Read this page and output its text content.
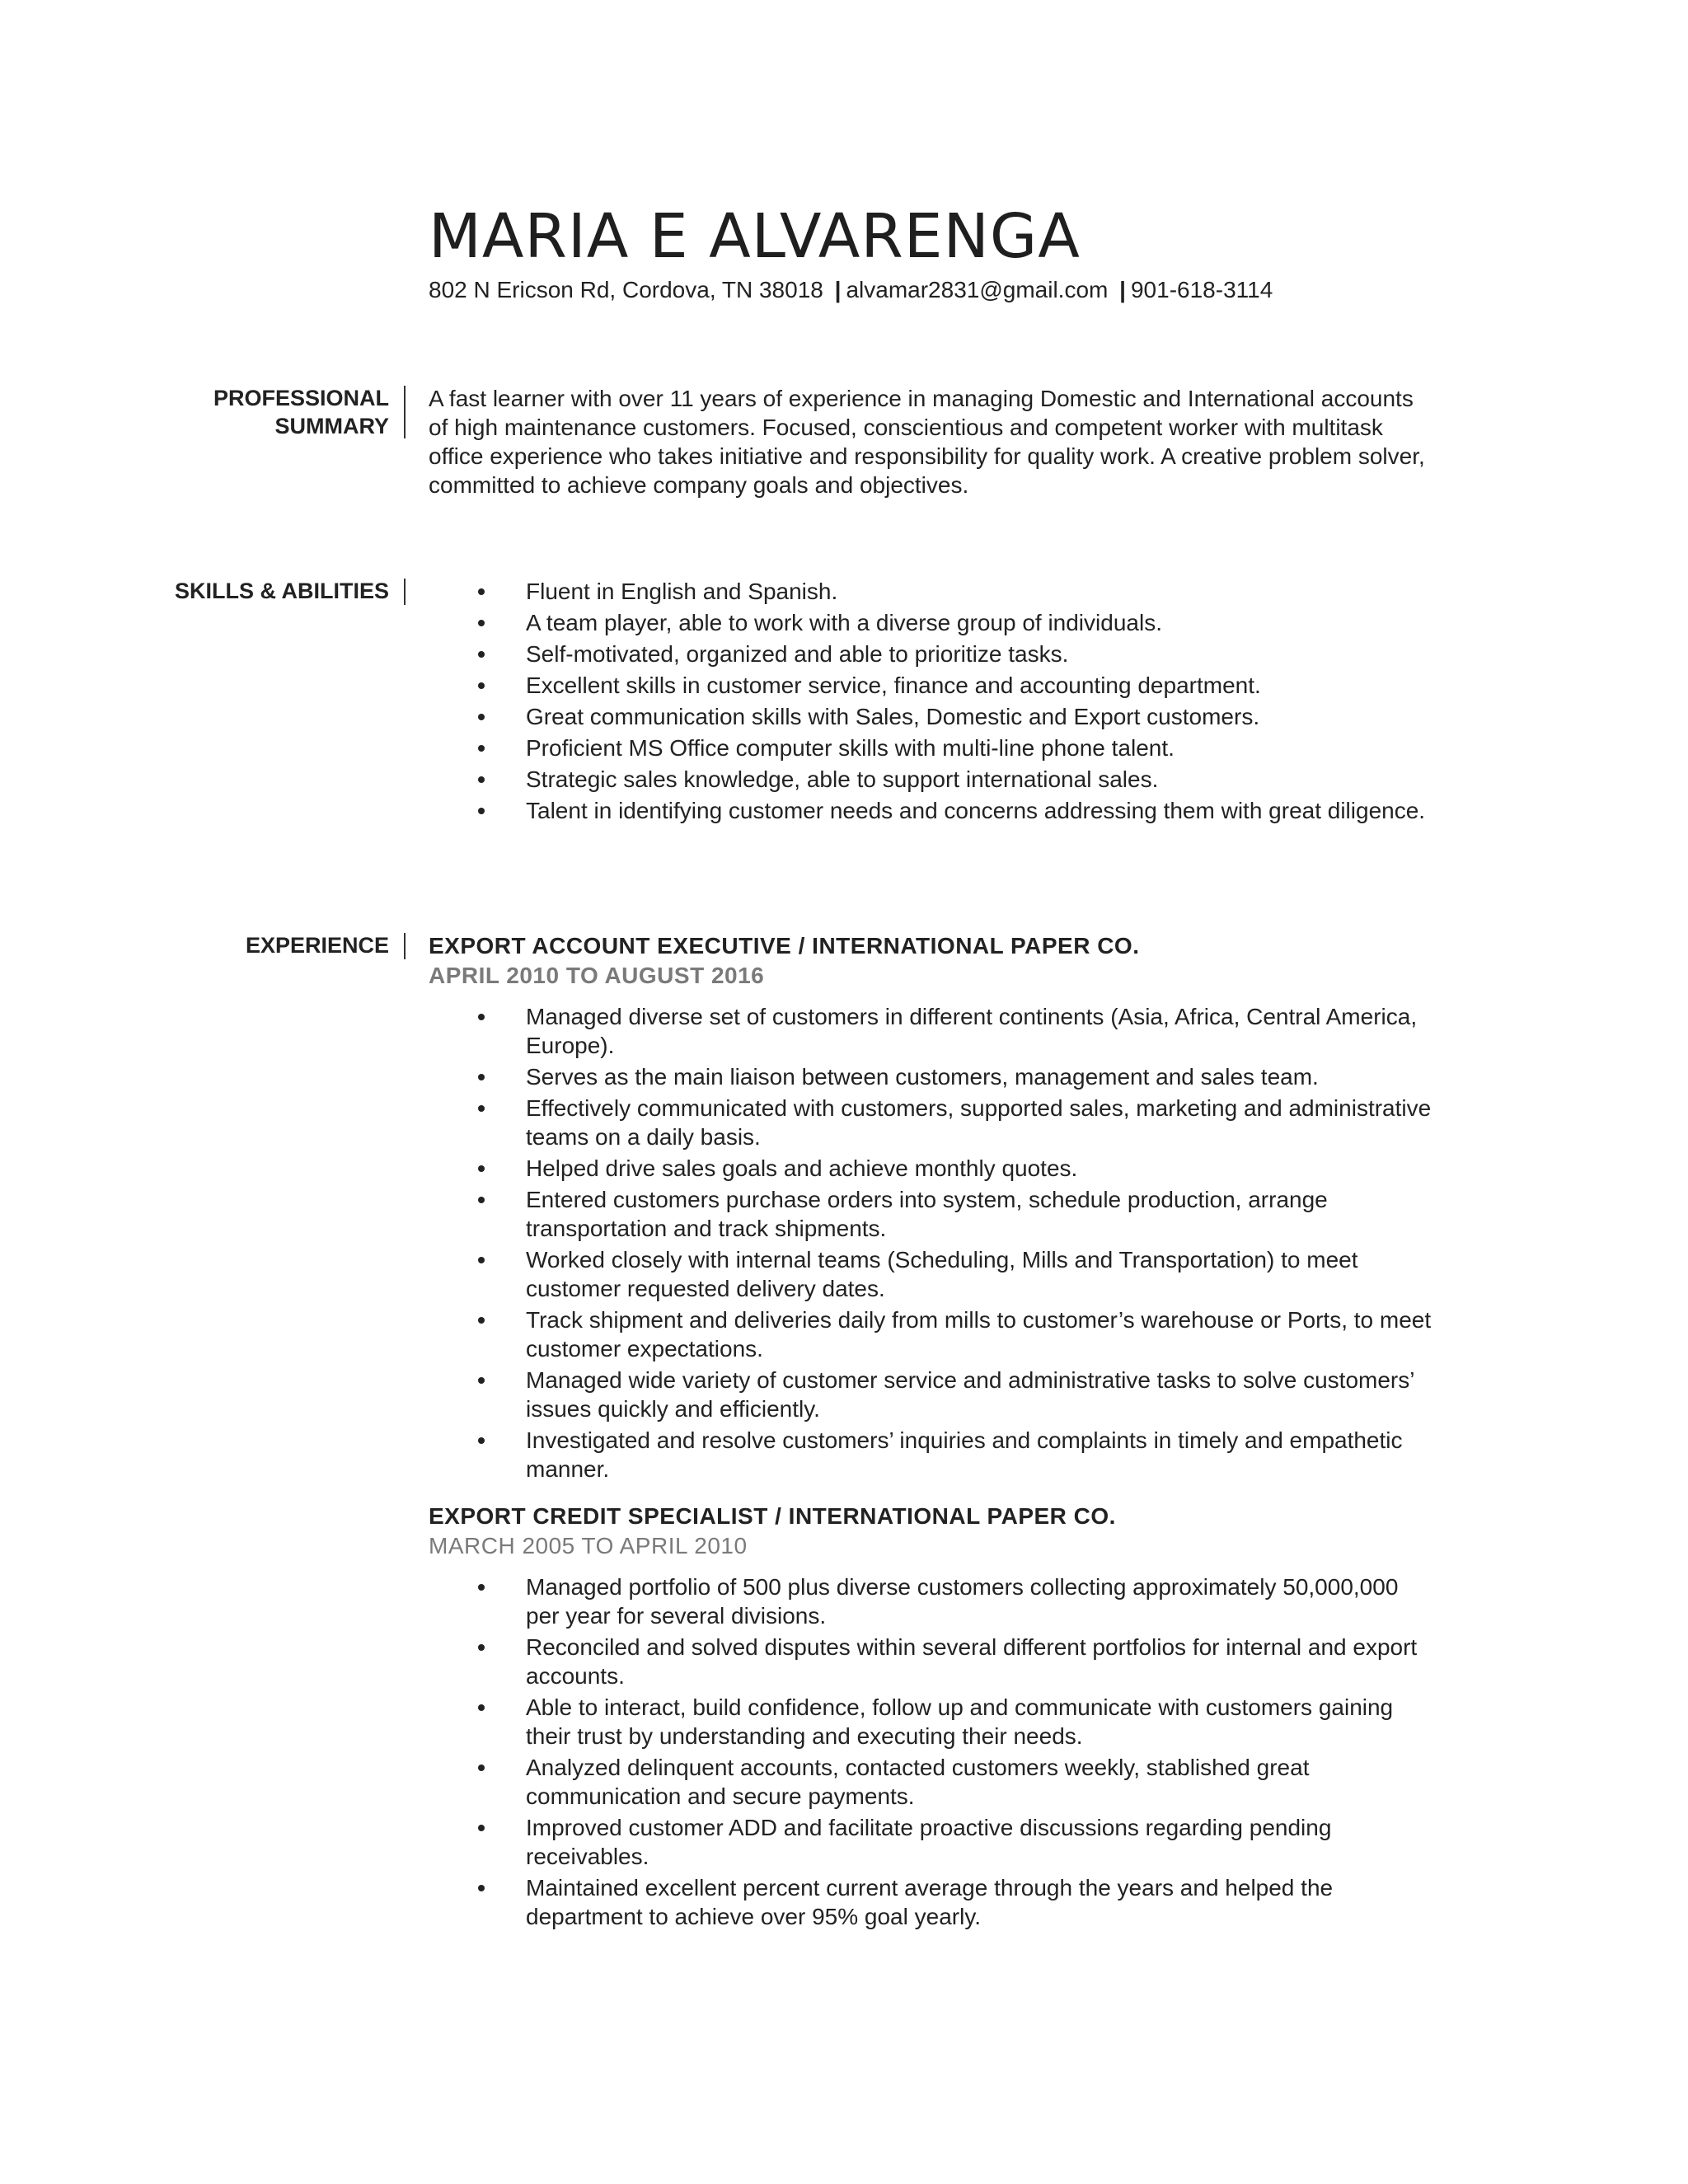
MARIA E ALVARENGA
802 N Ericson Rd, Cordova, TN 38018 | alvamar2831@gmail.com | 901-618-3114
PROFESSIONAL
SUMMARY

A fast learner with over 11 years of experience in managing Domestic and International accounts of high maintenance customers. Focused, conscientious and competent worker with multitask office experience who takes initiative and responsibility for quality work. A creative problem solver, committed to achieve company goals and objectives.

SKILLS & ABILITIES	Fluent in English and Spanish.
A team player, able to work with a diverse group of individuals.
Self-motivated, organized and able to prioritize tasks.
Excellent skills in customer service, finance and accounting department.
Great communication skills with Sales, Domestic and Export customers.
Proficient MS Office computer skills with multi-line phone talent.
Strategic sales knowledge, able to support international sales.
Talent in identifying customer needs and concerns addressing them with great diligence.
EXPERIENCE EXPORT ACCOUNT EXECUTIVE / INTERNATIONAL PAPER CO.

APRIL 2010 TO AUGUST 2016

Managed diverse set of customers in different continents (Asia, Africa, Central America, Europe).
Serves as the main liaison between customers, management and sales team.
Effectively communicated with customers, supported sales, marketing and administrative teams on a daily basis.
Helped drive sales goals and achieve monthly quotes.
Entered customers purchase orders into system, schedule production, arrange transportation and track shipments.
Worked closely with internal teams (Scheduling, Mills and Transportation) to meet customer requested delivery dates.
Track shipment and deliveries daily from mills to customer’s warehouse or Ports, to meet customer expectations.
Managed wide variety of customer service and administrative tasks to solve customers’ issues quickly and efficiently.
Investigated and resolve customers’ inquiries and complaints in timely and empathetic manner.

EXPORT CREDIT SPECIALIST / INTERNATIONAL PAPER CO.

MARCH 2005 TO APRIL 2010

Managed portfolio of 500 plus diverse customers collecting approximately 50,000,000 per year for several divisions.
Reconciled and solved disputes within several different portfolios for internal and export accounts.
Able to interact, build confidence, follow up and communicate with customers gaining their trust by understanding and executing their needs.
Analyzed delinquent accounts, contacted customers weekly, stablished great communication and secure payments.
Improved customer ADD and facilitate proactive discussions regarding pending receivables.
Maintained excellent percent current average through the years and helped the department to achieve over 95% goal yearly.
